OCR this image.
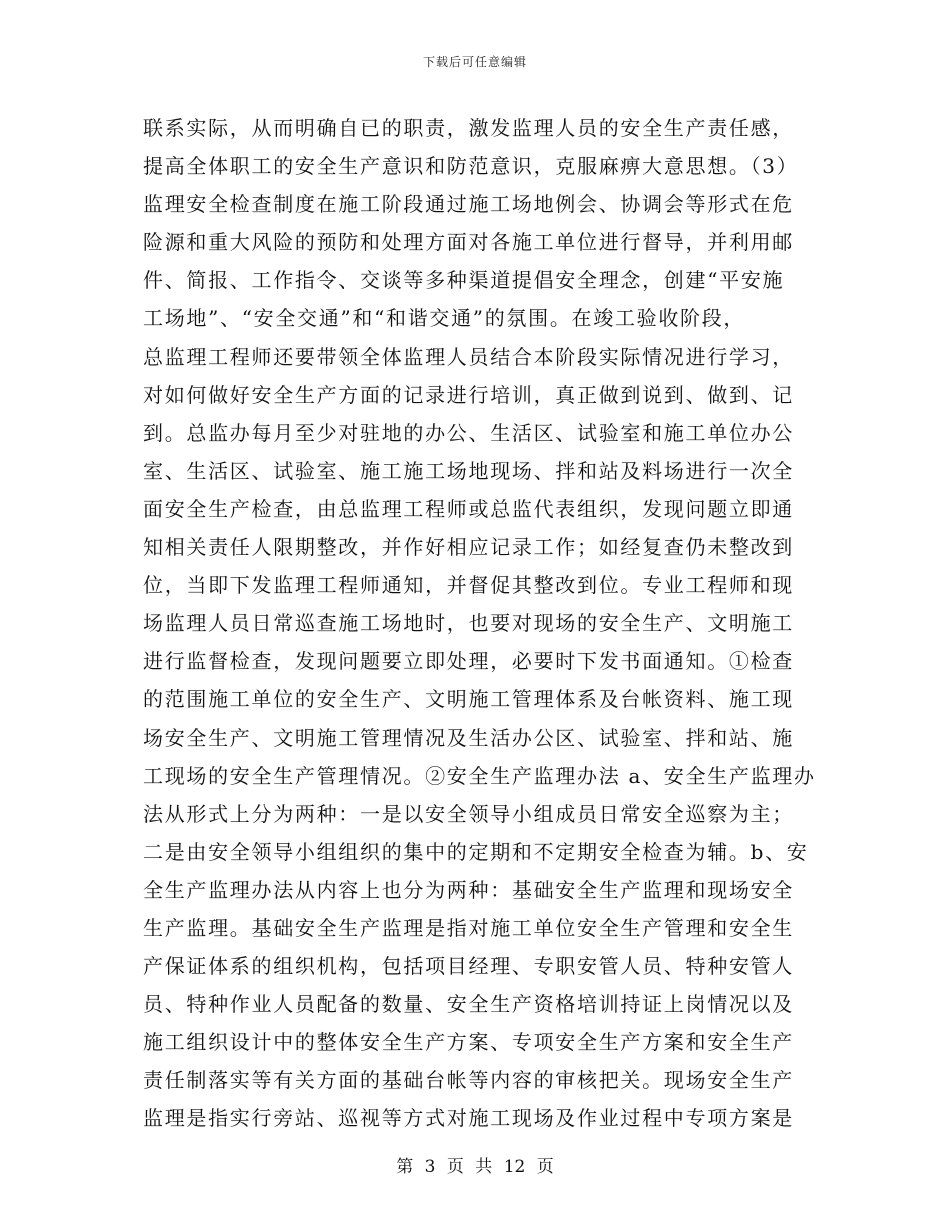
下载后可任意编辑
联系实际，从而明确自已的职责，激发监理人员的安全生产责任感，
提高全体职工的安全生产意识和防范意识，克服麻痹大意思想。（3）
监理安全检查制度在施工阶段通过施工场地例会、协调会等形式在危
险源和重大风险的预防和处理方面对各施工单位进行督导，并利用邮
件、简报、工作指令、交谈等多种渠道提倡安全理念，创建“平安施
工场地”、“安全交通”和“和谐交通”的氛围。在竣工验收阶段，
总监理工程师还要带领全体监理人员结合本阶段实际情况进行学习，
对如何做好安全生产方面的记录进行培训，真正做到说到、做到、记
到。总监办每月至少对驻地的办公、生活区、试验室和施工单位办公
室、生活区、试验室、施工施工场地现场、拌和站及料场进行一次全
面安全生产检查，由总监理工程师或总监代表组织，发现问题立即通
知相关责任人限期整改，并作好相应记录工作；如经复查仍未整改到
位，当即下发监理工程师通知，并督促其整改到位。专业工程师和现
场监理人员日常巡查施工场地时，也要对现场的安全生产、文明施工
进行监督检查，发现问题要立即处理，必要时下发书面通知。①检查
的范围施工单位的安全生产、文明施工管理体系及台帐资料、施工现
场安全生产、文明施工管理情况及生活办公区、试验室、拌和站、施
工现场的安全生产管理情况。②安全生产监理办法 a、安全生产监理办
法从形式上分为两种：一是以安全领导小组成员日常安全巡察为主；
二是由安全领导小组组织的集中的定期和不定期安全检查为辅。b、安
全生产监理办法从内容上也分为两种：基础安全生产监理和现场安全
生产监理。基础安全生产监理是指对施工单位安全生产管理和安全生
产保证体系的组织机构，包括项目经理、专职安管人员、特种安管人
员、特种作业人员配备的数量、安全生产资格培训持证上岗情况以及
施工组织设计中的整体安全生产方案、专项安全生产方案和安全生产
责任制落实等有关方面的基础台帐等内容的审核把关。现场安全生产
监理是指实行旁站、巡视等方式对施工现场及作业过程中专项方案是
第 3 页 共 12 页
